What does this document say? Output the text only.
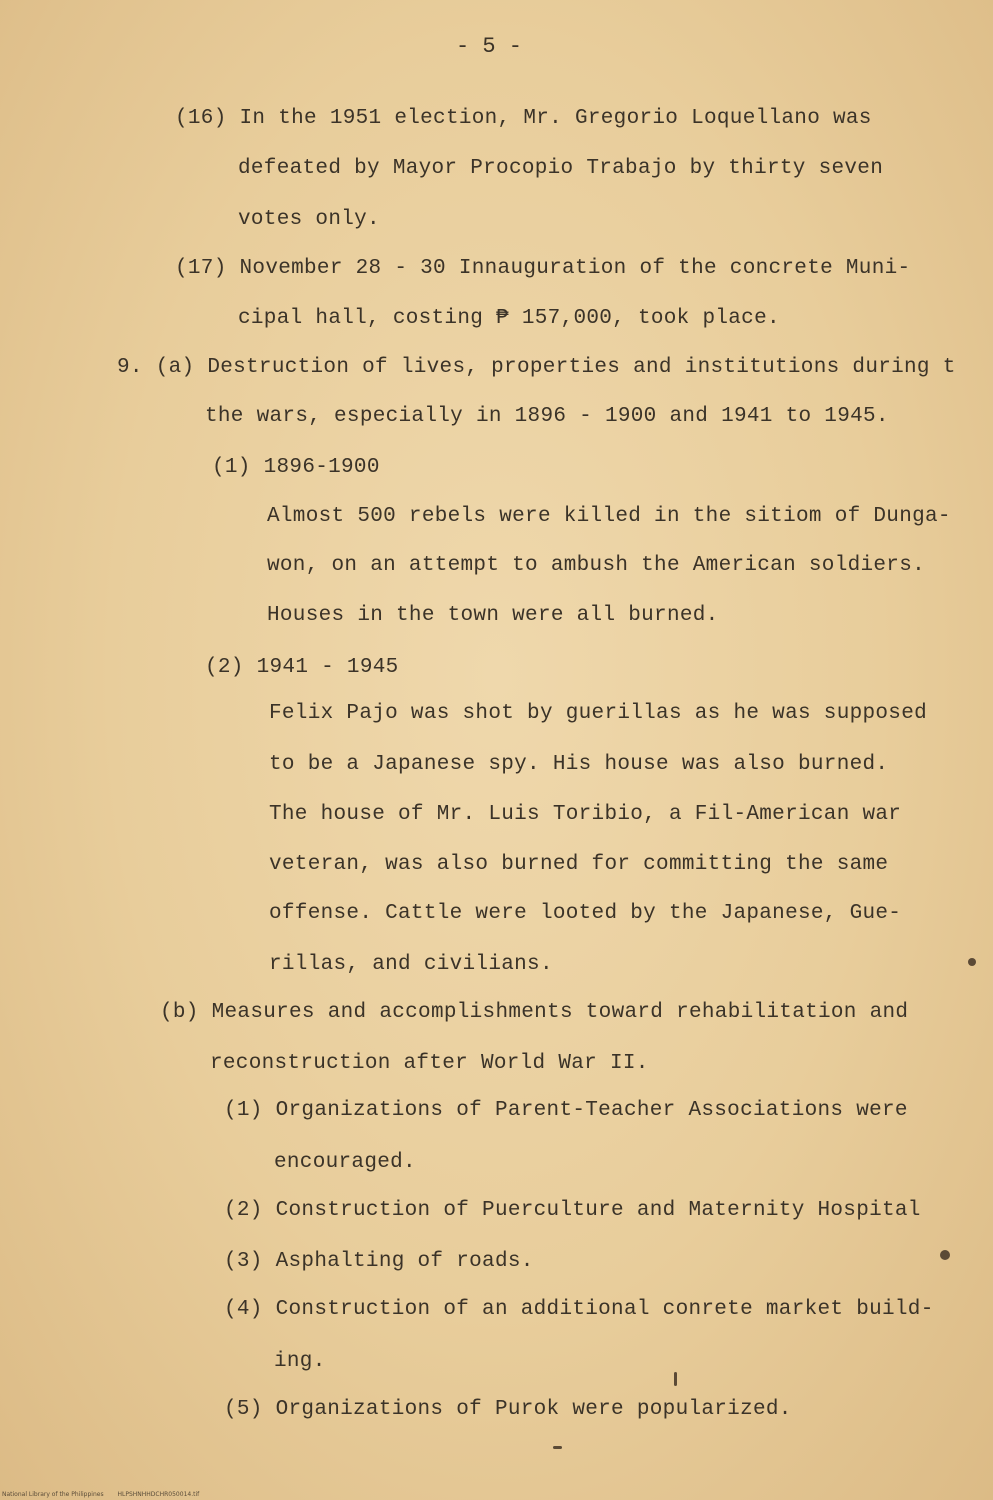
- 5 -
(16) In the 1951 election, Mr. Gregorio Loquellano was
defeated by Mayor Procopio Trabajo by thirty seven
votes only.
(17) November 28 - 30 Innauguration of the concrete Muni-
cipal hall, costing ₱ 157,000, took place.
9. (a) Destruction of lives, properties and institutions during t
the wars, especially in 1896 - 1900 and 1941 to 1945.
(1) 1896-1900
Almost 500 rebels were killed in the sitiom of Dunga-
won, on an attempt to ambush the American soldiers.
Houses in the town were all burned.
(2) 1941 - 1945
Felix Pajo was shot by guerillas as he was supposed
to be a Japanese spy. His house was also burned.
The house of Mr. Luis Toribio, a Fil-American war
veteran, was also burned for committing the same
offense. Cattle were looted by the Japanese, Gue-
rillas, and civilians.
(b) Measures and accomplishments toward rehabilitation and
reconstruction after World War II.
(1) Organizations of Parent-Teacher Associations were
encouraged.
(2) Construction of Puerculture and Maternity Hospital
(3) Asphalting of roads.
(4) Construction of an additional conrete market build-
ing.
(5) Organizations of Purok were popularized.
National Library of the Philippines HLPSHNHHDCHR050014.tif
